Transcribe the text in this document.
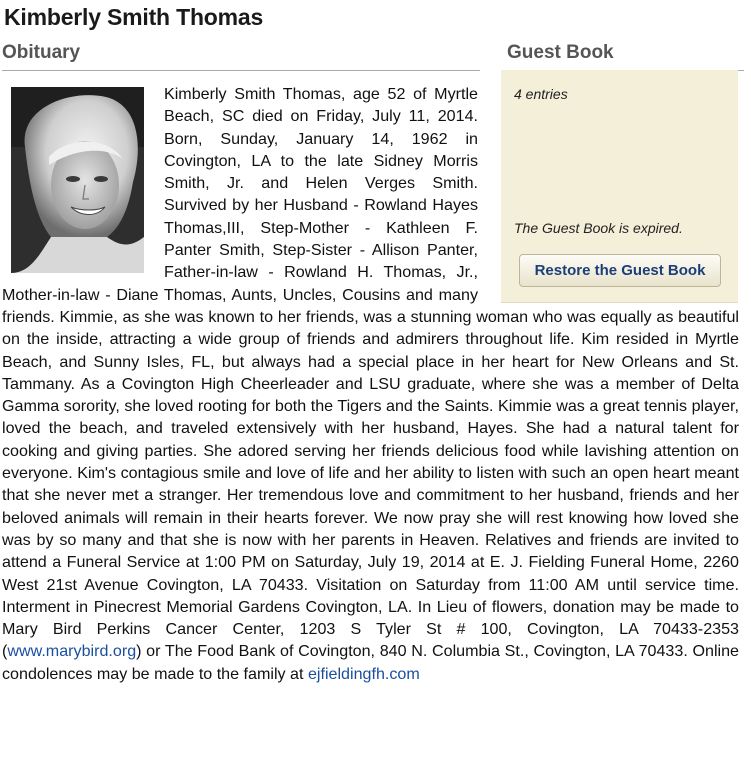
Kimberly Smith Thomas
Obituary	Guest Book
Kimberly Smith Thomas, age 52 of Myrtle Beach, SC died on Friday, July 11, 2014. Born, Sunday, January 14, 1962 in Covington, LA to the late Sidney Morris Smith, Jr. and Helen Verges Smith. Survived by her Husband - Rowland Hayes Thomas,III, Step-Mother - Kathleen F. Panter Smith, Step-Sister - Allison Panter, Father-in-law - Rowland H. Thomas, Jr., Mother-in-law - Diane Thomas, Aunts, Uncles, Cousins and many friends. Kimmie, as she was known to her friends, was a stunning woman who was equally as beautiful on the inside, attracting a wide group of friends and admirers throughout life. Kim resided in Myrtle Beach, and Sunny Isles, FL, but always had a special place in her heart for New Orleans and St. Tammany. As a Covington High Cheerleader and LSU graduate, where she was a member of Delta Gamma sorority, she loved rooting for both the Tigers and the Saints. Kimmie was a great tennis player, loved the beach, and traveled extensively with her husband, Hayes. She had a natural talent for cooking and giving parties. She adored serving her friends delicious food while lavishing attention on everyone. Kim's contagious smile and love of life and her ability to listen with such an open heart meant that she never met a stranger. Her tremendous love and commitment to her husband, friends and her beloved animals will remain in their hearts forever. We now pray she will rest knowing how loved she was by so many and that she is now with her parents in Heaven. Relatives and friends are invited to attend a Funeral Service at 1:00 PM on Saturday, July 19, 2014 at E. J. Fielding Funeral Home, 2260 West 21st Avenue Covington, LA 70433. Visitation on Saturday from 11:00 AM until service time. Interment in Pinecrest Memorial Gardens Covington, LA. In Lieu of flowers, donation may be made to Mary Bird Perkins Cancer Center, 1203 S Tyler St # 100, Covington, LA 70433-2353 (www.marybird.org) or The Food Bank of Covington, 840 N. Columbia St., Covington, LA 70433. Online condolences may be made to the family at ejfieldingfh.com
4 entries
The Guest Book is expired.
Restore the Guest Book
